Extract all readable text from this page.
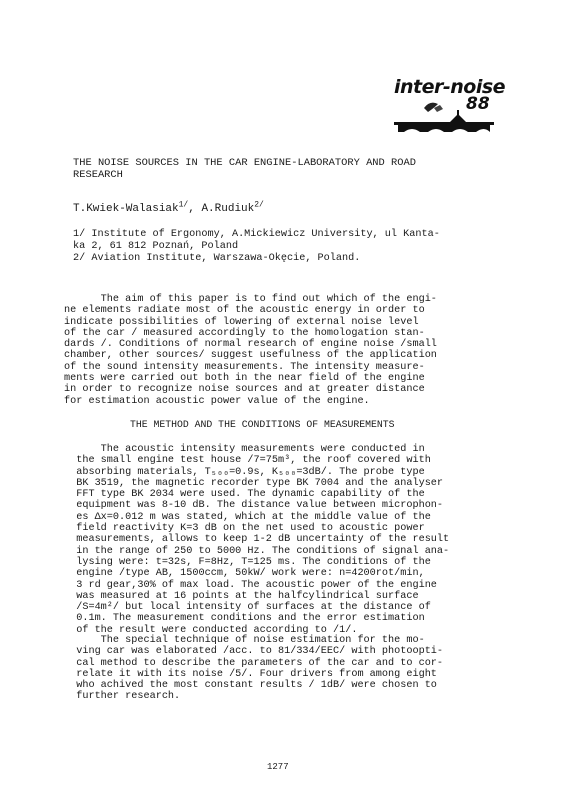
inter-noise
88
THE NOISE SOURCES IN THE CAR ENGINE-LABORATORY AND ROAD
RESEARCH
T.Kwiek-Walasiak$^{1/}$, A.Rudiuk$^{2/}$
1/ Institute of Ergonomy, A.Mickiewicz University, ul Kanta-
ka 2, 61 812 Poznań, Poland
2/ Aviation Institute, Warszawa-Okęcie, Poland.
The aim of this paper is to find out which of the engi-
ne elements radiate most of the acoustic energy in order to
indicate possibilities of lowering of external noise level
of the car / measured accordingly to the homologation stan-
dards /. Conditions of normal research of engine noise /small
chamber, other sources/ suggest usefulness of the application
of the sound intensity measurements. The intensity measure-
ments were carried out both in the near field of the engine
in order to recognize noise sources and at greater distance
for estimation acoustic power value of the engine.
THE METHOD AND THE CONDITIONS OF MEASUREMENTS
The acoustic intensity measurements were conducted in
the small engine test house /7=75m³, the roof covered with
absorbing materials, T₅₀₀=0.9s, K₅₀₀=3dB/. The probe type
BK 3519, the magnetic recorder type BK 7004 and the analyser
FFT type BK 2034 were used. The dynamic capability of the
equipment was 8-10 dB. The distance value between microphon-
es Δx=0.012 m was stated, which at the middle value of the
field reactivity K=3 dB on the net used to acoustic power
measurements, allows to keep 1-2 dB uncertainty of the result
in the range of 250 to 5000 Hz. The conditions of signal ana-
lysing were: t=32s, F=8Hz, T=125 ms. The conditions of the
engine /type AB, 1500ccm, 50kW/ work were: n=4200rot/min,
3 rd gear,30% of max load. The acoustic power of the engine
was measured at 16 points at the halfcylindrical surface
/S=4m²/ but local intensity of surfaces at the distance of
0.1m. The measurement conditions and the error estimation
of the result were conducted according to /1/.
The special technique of noise estimation for the mo-
ving car was elaborated /acc. to 81/334/EEC/ with photoopti-
cal method to describe the parameters of the car and to cor-
relate it with its noise /5/. Four drivers from among eight
who achived the most constant results / 1dB/ were chosen to
further research.
1277
